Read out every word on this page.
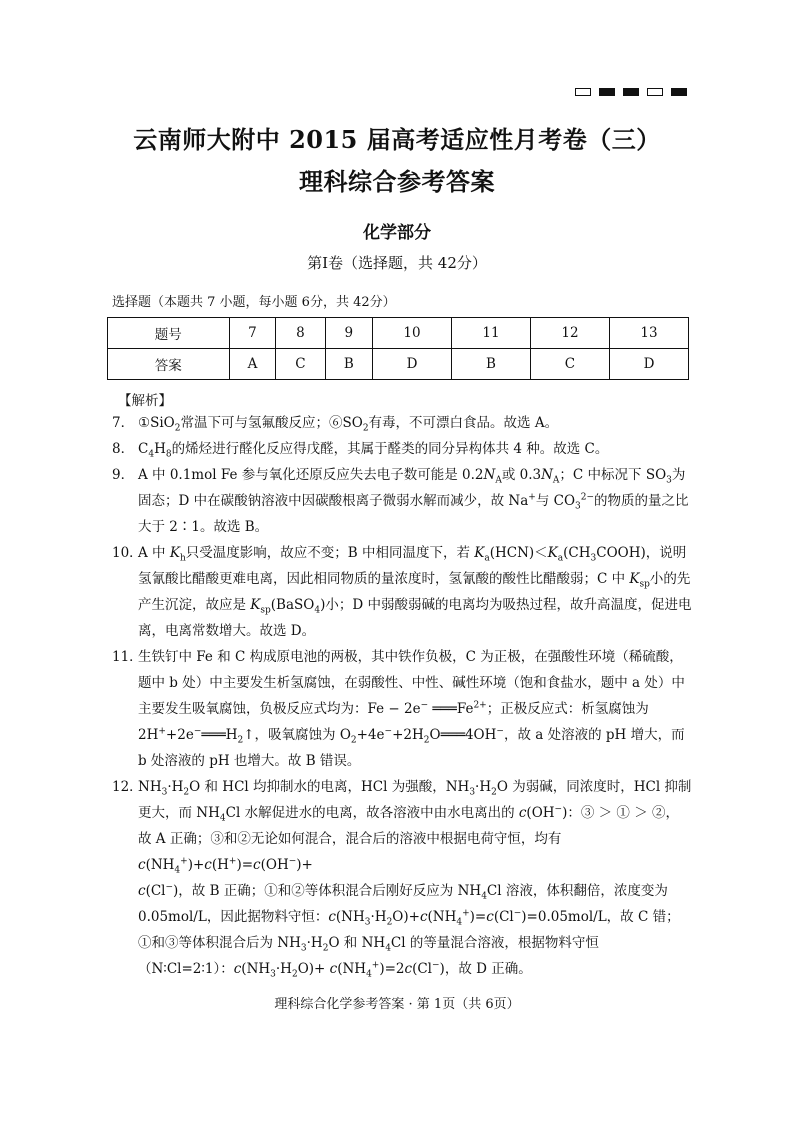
云南师大附中 2015 届高考适应性月考卷（三）
理科综合参考答案
化学部分
第Ⅰ卷（选择题，共 42分）
选择题（本题共 7 小题，每小题 6分，共 42分）
题号	7	8	9	10	11	12	13
答案	A	C	B	D	B	C	D
【解析】
7． ①SiO$_2$常温下可与氢氟酸反应；$⑥SO_2$有毒，不可漂白食品。故选 A。
8． $C_4H_8$的烯烃进行醛化反应得戊醛，其属于醛类的同分异构体共 4 种。故选 C。
9． A 中 0.1mol Fe 参与氧化还原反应失去电子数可能是 $0.2N_A$或 $0.3N_A$；C 中标况下 $SO_3$为固态；D 中在碳酸钠溶液中因碳酸根离子微弱水解而减少，故 Na+与 $CO_3^{2-}$的物质的量之比大于 2∶1。故选 B。
10．
A 中 $K_h$只受温度影响，故应不变；B 中相同温度下，若 $K_a(HCN)<K_a(CH_3COOH)$，说明氢氰酸比醋酸更难电离，因此相同物质的量浓度时，氢氰酸的酸性比醋酸弱；C 中 $K_{sp}$小的先产生沉淀，故应是 $K_{sp}(BaSO_4)$小；D 中弱酸弱碱的电离均为吸热过程，故升高温度，促进电离，电离常数增大。故选 D。
11．
生铁钉中 Fe 和 C 构成原电池的两极，其中铁作负极，C 为正极，在强酸性环境（稀硫酸，题中 b 处）中主要发生析氢腐蚀，在弱酸性、中性、碱性环境（饱和食盐水，题中 a 处）中主要发生吸氧腐蚀，负极反应式均为：Fe − 2e− $═══Fe^{2+}$；正极反应式：析氢腐蚀为 $2H^++2e^-═══H_2↑$，吸氧腐蚀为 $O_2+4e^-+2H_2O═══4OH^-$，故 a 处溶液的 pH 增大，而 b 处溶液的 pH 也增大。故 B 错误。
12．
$NH_3\cdot H_2O$ 和 HCl 均抑制水的电离，HCl 为强酸，$NH_3\cdot H_2O$ 为弱碱，同浓度时，HCl 抑制更大，而 $NH_4Cl$ 水解促进水的电离，故各溶液中由水电离出的 c(OH−)：③ ＞ ① ＞ ②，故 A 正确；③和②无论如何混合，混合后的溶液中根据电荷守恒，均有 $c(NH_4^+)+c(H^+)=c(OH^-)+$
c(Cl−)，故 B 正确；①和②等体积混合后刚好反应为 $NH_4Cl$ 溶液，体积翻倍，浓度变为 0.05mol/L，因此据物料守恒：$c(NH_3\cdot H_2O)+c(NH_4^+)=c(Cl^-)=0.05mol/L$，故 C 错；①和③等体积混合后为 $NH_3\cdot H_2O$ 和 $NH_4Cl$ 的等量混合溶液，根据物料守恒（N∶Cl=2∶1）：$c(NH_3\cdot H_2O)+ c(NH_4^+)=2c(Cl^-)$，故 D 正确。
理科综合化学参考答案 · 第 1页（共 6页）
